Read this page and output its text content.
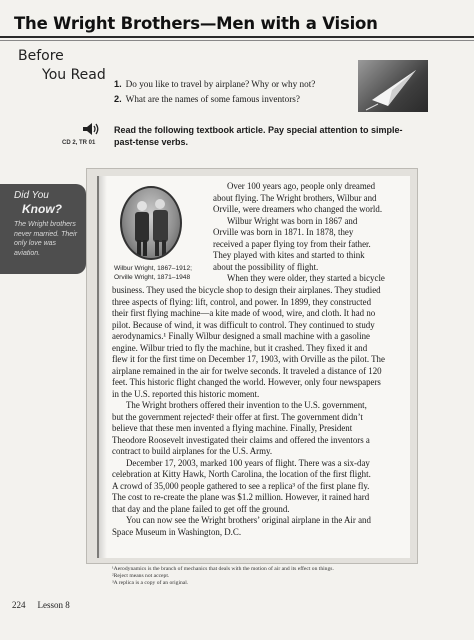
The Wright Brothers—Men with a Vision
Before
You Read
1. Do you like to travel by airplane? Why or why not?
2. What are the names of some famous inventors?
CD 2, TR 01
Read the following textbook article. Pay special attention to simple-past-tense verbs.
Did You
Know?
The Wright brothers never married. Their only love was aviation.
Wilbur Wright, 1867–1912;
Orville Wright, 1871–1948
Over 100 years ago, people only dreamed
about flying. The Wright brothers, Wilbur and
Orville, were dreamers who changed the world.
Wilbur Wright was born in 1867 and
Orville was born in 1871. In 1878, they
received a paper flying toy from their father.
They played with kites and started to think
about the possibility of flight.
When they were older, they started a bicycle
business. They used the bicycle shop to design their airplanes. They studied
three aspects of flying: lift, control, and power. In 1899, they constructed
their first flying machine—a kite made of wood, wire, and cloth. It had no
pilot. Because of wind, it was difficult to control. They continued to study
aerodynamics.¹ Finally Wilbur designed a small machine with a gasoline
engine. Wilbur tried to fly the machine, but it crashed. They fixed it and
flew it for the first time on December 17, 1903, with Orville as the pilot. The
airplane remained in the air for twelve seconds. It traveled a distance of 120
feet. This historic flight changed the world. However, only four newspapers
in the U.S. reported this historic moment.
The Wright brothers offered their invention to the U.S. government,
but the government rejected² their offer at first. The government didn’t
believe that these men invented a flying machine. Finally, President
Theodore Roosevelt investigated their claims and offered the inventors a
contract to build airplanes for the U.S. Army.
December 17, 2003, marked 100 years of flight. There was a six-day
celebration at Kitty Hawk, North Carolina, the location of the first flight.
A crowd of 35,000 people gathered to see a replica³ of the first plane fly.
The cost to re-create the plane was $1.2 million. However, it rained hard
that day and the plane failed to get off the ground.
You can now see the Wright brothers’ original airplane in the Air and
Space Museum in Washington, D.C.
¹Aerodynamics is the branch of mechanics that deals with the motion of air and its effect on things.
²Reject means not accept.
³A replica is a copy of an original.
224 Lesson 8
